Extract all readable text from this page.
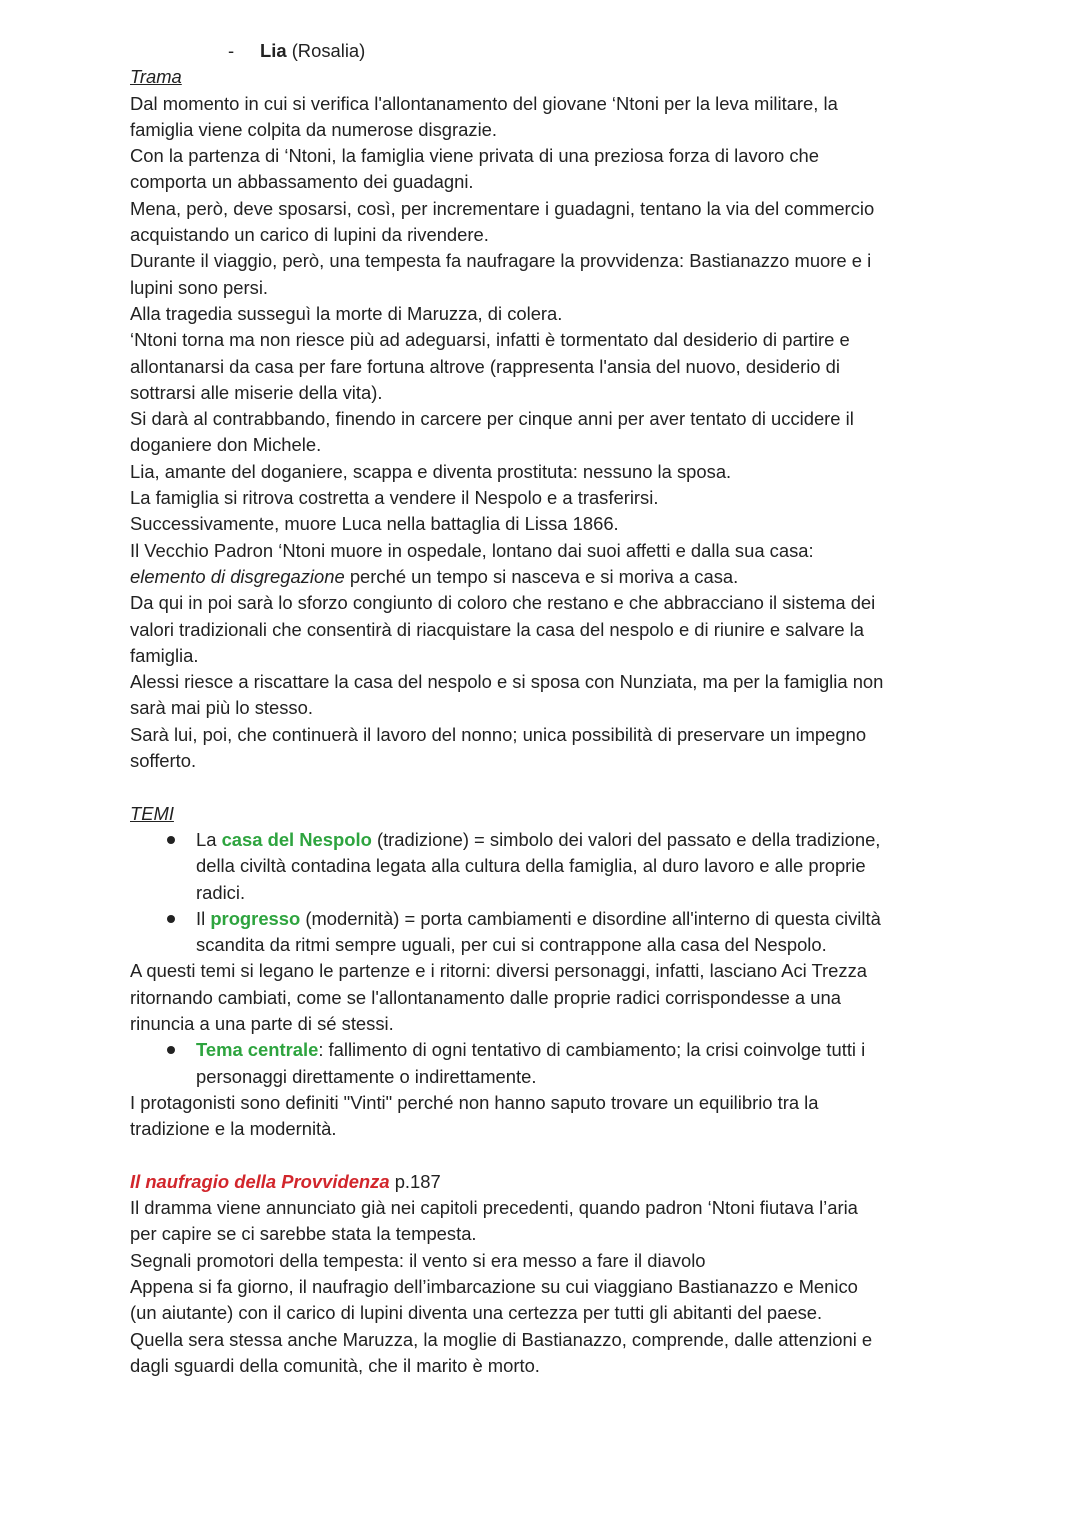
- Lia (Rosalia)
Trama
Dal momento in cui si verifica l'allontanamento del giovane ‘Ntoni per la leva militare, la
famiglia viene colpita da numerose disgrazie.
Con la partenza di ‘Ntoni, la famiglia viene privata di una preziosa forza di lavoro che
comporta un abbassamento dei guadagni.
Mena, però, deve sposarsi, così, per incrementare i guadagni, tentano la via del commercio
acquistando un carico di lupini da rivendere.
Durante il viaggio, però, una tempesta fa naufragare la provvidenza: Bastianazzo muore e i
lupini sono persi.
Alla tragedia susseguì la morte di Maruzza, di colera.
‘Ntoni torna ma non riesce più ad adeguarsi, infatti è tormentato dal desiderio di partire e
allontanarsi da casa per fare fortuna altrove (rappresenta l'ansia del nuovo, desiderio di
sottrarsi alle miserie della vita).
Si darà al contrabbando, finendo in carcere per cinque anni per aver tentato di uccidere il
doganiere don Michele.
Lia, amante del doganiere, scappa e diventa prostituta: nessuno la sposa.
La famiglia si ritrova costretta a vendere il Nespolo e a trasferirsi.
Successivamente, muore Luca nella battaglia di Lissa 1866.
Il Vecchio Padron ‘Ntoni muore in ospedale, lontano dai suoi affetti e dalla sua casa:
elemento di disgregazione perché un tempo si nasceva e si moriva a casa.
Da qui in poi sarà lo sforzo congiunto di coloro che restano e che abbracciano il sistema dei
valori tradizionali che consentirà di riacquistare la casa del nespolo e di riunire e salvare la
famiglia.
Alessi riesce a riscattare la casa del nespolo e si sposa con Nunziata, ma per la famiglia non
sarà mai più lo stesso.
Sarà lui, poi, che continuerà il lavoro del nonno; unica possibilità di preservare un impegno
sofferto.
TEMI
La casa del Nespolo (tradizione) = simbolo dei valori del passato e della tradizione,
della civiltà contadina legata alla cultura della famiglia, al duro lavoro e alle proprie
radici.
Il progresso (modernità) = porta cambiamenti e disordine all'interno di questa civiltà
scandita da ritmi sempre uguali, per cui si contrappone alla casa del Nespolo.
A questi temi si legano le partenze e i ritorni: diversi personaggi, infatti, lasciano Aci Trezza
ritornando cambiati, come se l'allontanamento dalle proprie radici corrispondesse a una
rinuncia a una parte di sé stessi.
Tema centrale: fallimento di ogni tentativo di cambiamento; la crisi coinvolge tutti i
personaggi direttamente o indirettamente.
I protagonisti sono definiti "Vinti" perché non hanno saputo trovare un equilibrio tra la
tradizione e la modernità.
Il naufragio della Provvidenza p.187
Il dramma viene annunciato già nei capitoli precedenti, quando padron ‘Ntoni fiutava l’aria
per capire se ci sarebbe stata la tempesta.
Segnali promotori della tempesta: il vento si era messo a fare il diavolo
Appena si fa giorno, il naufragio dell’imbarcazione su cui viaggiano Bastianazzo e Menico
(un aiutante) con il carico di lupini diventa una certezza per tutti gli abitanti del paese.
Quella sera stessa anche Maruzza, la moglie di Bastianazzo, comprende, dalle attenzioni e
dagli sguardi della comunità, che il marito è morto.
